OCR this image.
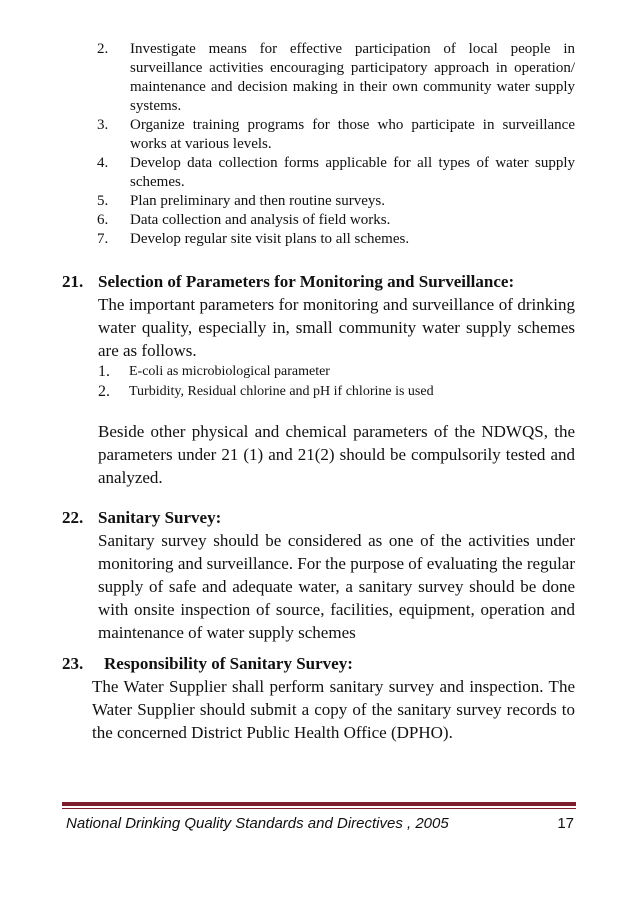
2.	Investigate means for effective participation of local people in surveillance activities encouraging participatory approach in operation/ maintenance and decision making in their own community water supply systems.
3.	Organize training programs for those who participate in surveillance works at various levels.
4.	Develop data collection forms applicable for all types of water supply schemes.
5.	Plan preliminary and then routine surveys.
6.	Data collection and analysis of field works.
7.	Develop regular site visit plans to all schemes.
21. Selection of Parameters for Monitoring and Surveillance:
The important parameters for monitoring and surveillance of drinking water quality, especially in, small community water supply schemes are as follows.
1.	E-coli as microbiological parameter
2.	Turbidity, Residual chlorine and pH if chlorine is used
Beside other physical and chemical parameters of the NDWQS, the parameters under 21 (1) and 21(2) should be compulsorily tested and analyzed.
22. Sanitary Survey:
Sanitary survey should be considered as one of the activities under monitoring and surveillance. For the purpose of evaluating the regular supply of safe and adequate water, a sanitary survey should be done with onsite inspection of source, facilities, equipment, operation and maintenance of water supply schemes
23.	Responsibility of Sanitary Survey:
The Water Supplier shall perform sanitary survey and inspection. The Water Supplier should submit a copy of the sanitary survey records to the concerned District Public Health Office (DPHO).
National Drinking Quality Standards and Directives , 2005	17
